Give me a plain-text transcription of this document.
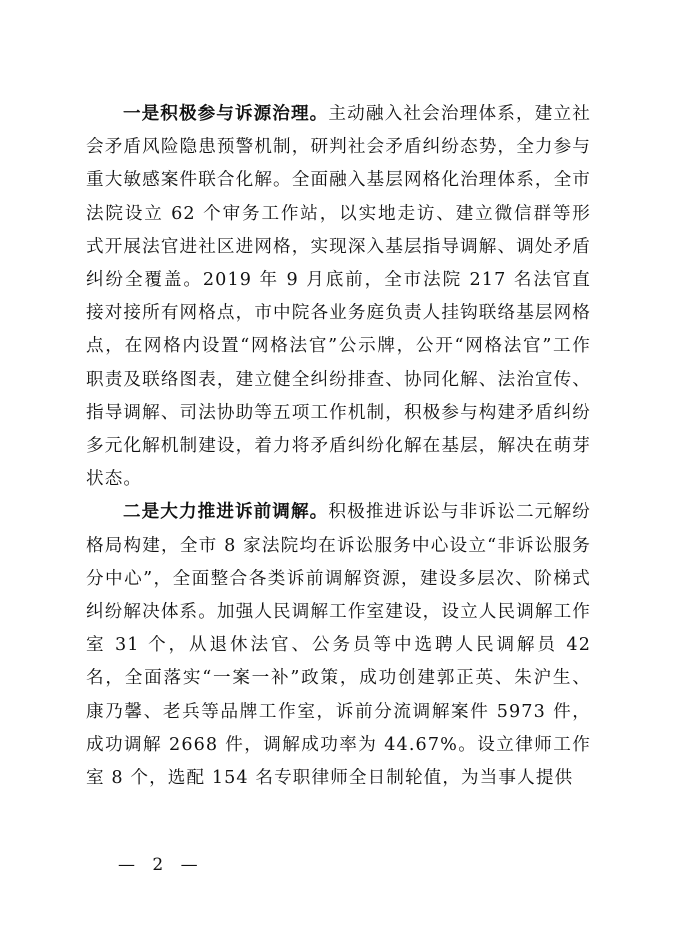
一是积极参与诉源治理。主动融入社会治理体系，建立社会矛盾风险隐患预警机制，研判社会矛盾纠纷态势，全力参与重大敏感案件联合化解。全面融入基层网格化治理体系，全市法院设立 62 个审务工作站，以实地走访、建立微信群等形式开展法官进社区进网格，实现深入基层指导调解、调处矛盾纠纷全覆盖。2019 年 9 月底前，全市法院 217 名法官直接对接所有网格点，市中院各业务庭负责人挂钩联络基层网格点，在网格内设置“网格法官”公示牌，公开“网格法官”工作职责及联络图表，建立健全纠纷排查、协同化解、法治宣传、指导调解、司法协助等五项工作机制，积极参与构建矛盾纠纷多元化解机制建设，着力将矛盾纠纷化解在基层，解决在萌芽状态。

二是大力推进诉前调解。积极推进诉讼与非诉讼二元解纷格局构建，全市 8 家法院均在诉讼服务中心设立“非诉讼服务分中心”，全面整合各类诉前调解资源，建设多层次、阶梯式纠纷解决体系。加强人民调解工作室建设，设立人民调解工作室 31 个，从退休法官、公务员等中选聘人民调解员 42 名，全面落实“一案一补”政策，成功创建郭正英、朱沪生、康乃馨、老兵等品牌工作室，诉前分流调解案件 5973 件，成功调解 2668 件，调解成功率为 44.67%。设立律师工作室 8 个，选配 154 名专职律师全日制轮值，为当事人提供

— 2 —
